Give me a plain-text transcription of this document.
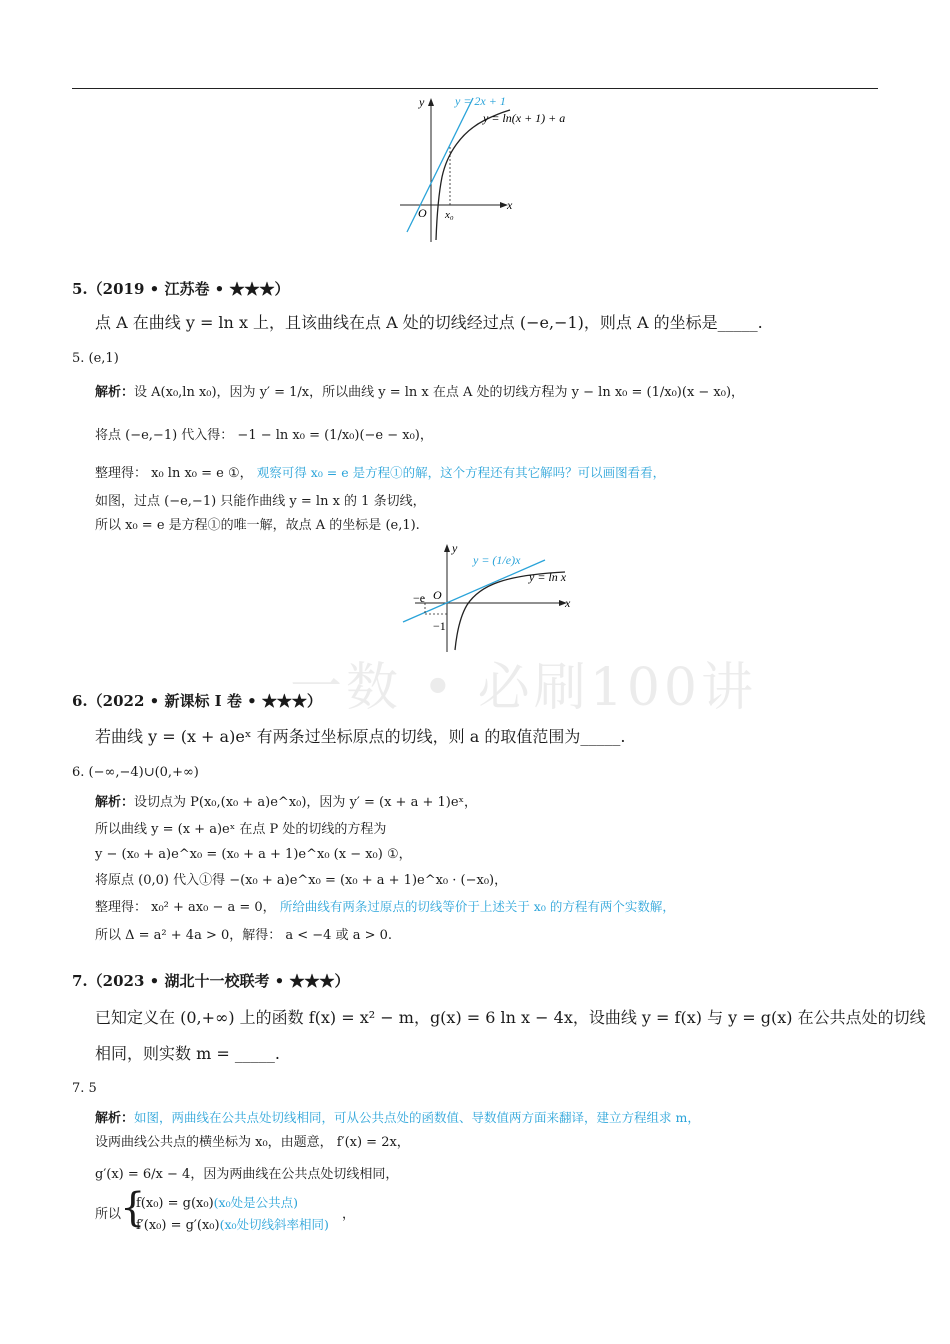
y
x
O x₀
y = 2x + 1
y = ln(x + 1) + a
5.（2019 • 江苏卷 • ★★★）
点 A 在曲线 y = ln x 上，且该曲线在点 A 处的切线经过点 (−e,−1)，则点 A 的坐标是_____.
5. (e,1)
解析：设 A(x₀,ln x₀)，因为 y′ = 1/x，所以曲线 y = ln x 在点 A 处的切线方程为 y − ln x₀ = (1/x₀)(x − x₀)，
将点 (−e,−1) 代入得： −1 − ln x₀ = (1/x₀)(−e − x₀)，
整理得： x₀ ln x₀ = e ①， 观察可得 x₀ = e 是方程①的解，这个方程还有其它解吗？可以画图看看，
如图，过点 (−e,−1) 只能作曲线 y = ln x 的 1 条切线，
所以 x₀ = e 是方程①的唯一解，故点 A 的坐标是 (e,1).
y
x
O
−e
−1
y = (1/e)x
y = ln x
一数 • 必刷100讲
6.（2022 • 新课标 Ⅰ 卷 • ★★★）
若曲线 y = (x + a)eˣ 有两条过坐标原点的切线，则 a 的取值范围为_____.
6. (−∞,−4)∪(0,+∞)
解析：设切点为 P(x₀,(x₀ + a)e^x₀)，因为 y′ = (x + a + 1)eˣ，
所以曲线 y = (x + a)eˣ 在点 P 处的切线的方程为
y − (x₀ + a)e^x₀ = (x₀ + a + 1)e^x₀ (x − x₀) ①，
将原点 (0,0) 代入①得 −(x₀ + a)e^x₀ = (x₀ + a + 1)e^x₀ · (−x₀)，
整理得： x₀² + ax₀ − a = 0， 所给曲线有两条过原点的切线等价于上述关于 x₀ 的方程有两个实数解，
所以 Δ = a² + 4a > 0，解得： a < −4 或 a > 0.
7.（2023 • 湖北十一校联考 • ★★★）
已知定义在 (0,+∞) 上的函数 f(x) = x² − m，g(x) = 6 ln x − 4x，设曲线 y = f(x) 与 y = g(x) 在公共点处的切线
相同，则实数 m = _____.
7. 5
解析：如图，两曲线在公共点处切线相同，可从公共点处的函数值、导数值两方面来翻译，建立方程组求 m，
设两曲线公共点的横坐标为 x₀，由题意， f′(x) = 2x，
g′(x) = 6/x − 4，因为两曲线在公共点处切线相同，
所以
{
f(x₀) = g(x₀)(x₀处是公共点)
f′(x₀) = g′(x₀)(x₀处切线斜率相同)
，
